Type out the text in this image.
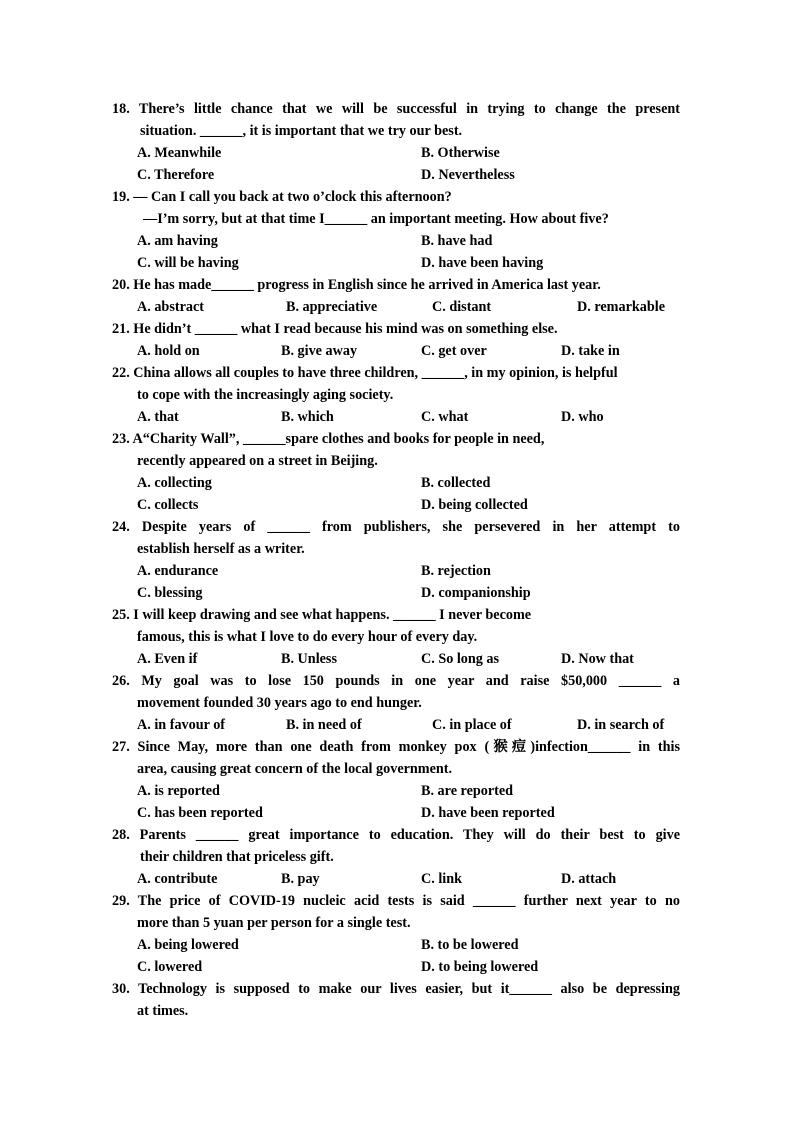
18. There’s little chance that we will be successful in trying to change the present
situation. ______, it is important that we try our best.
A. Meanwhile	B. Otherwise
C. Therefore	D. Nevertheless
19. — Can I call you back at two o’clock this afternoon?
—I’m sorry, but at that time I______ an important meeting. How about five?
A. am having	B. have had
C. will be having	D. have been having
20. He has made______ progress in English since he arrived in America last year.
A. abstract	B. appreciative	C. distant	D. remarkable
21. He didn’t ______ what I read because his mind was on something else.
A. hold on	B. give away	C. get over	D. take in
22. China allows all couples to have three children, ______, in my opinion, is helpful
to cope with the increasingly aging society.
A. that	B. which	C. what	D. who
23. A“Charity Wall”, ______spare clothes and books for people in need,
recently appeared on a street in Beijing.
A. collecting	B. collected
C. collects	D. being collected
24. Despite years of ______ from publishers, she persevered in her attempt to
establish herself as a writer.
A. endurance	B. rejection
C. blessing	D. companionship
25. I will keep drawing and see what happens. ______ I never become
famous, this is what I love to do every hour of every day.
A. Even if	B. Unless	C. So long as	D. Now that
26. My goal was to lose 150 pounds in one year and raise $50,000 ______ a
movement founded 30 years ago to end hunger.
A. in favour of	B. in need of	C. in place of	D. in search of
27. Since May, more than one death from monkey pox (猴痘)infection______ in this
area, causing great concern of the local government.
A. is reported	B. are reported
C. has been reported	D. have been reported
28. Parents ______ great importance to education. They will do their best to give
their children that priceless gift.
A. contribute	B. pay	C. link	D. attach
29. The price of COVID-19 nucleic acid tests is said ______ further next year to no
more than 5 yuan per person for a single test.
A. being lowered	B. to be lowered
C. lowered	D. to being lowered
30. Technology is supposed to make our lives easier, but it______ also be depressing
at times.
